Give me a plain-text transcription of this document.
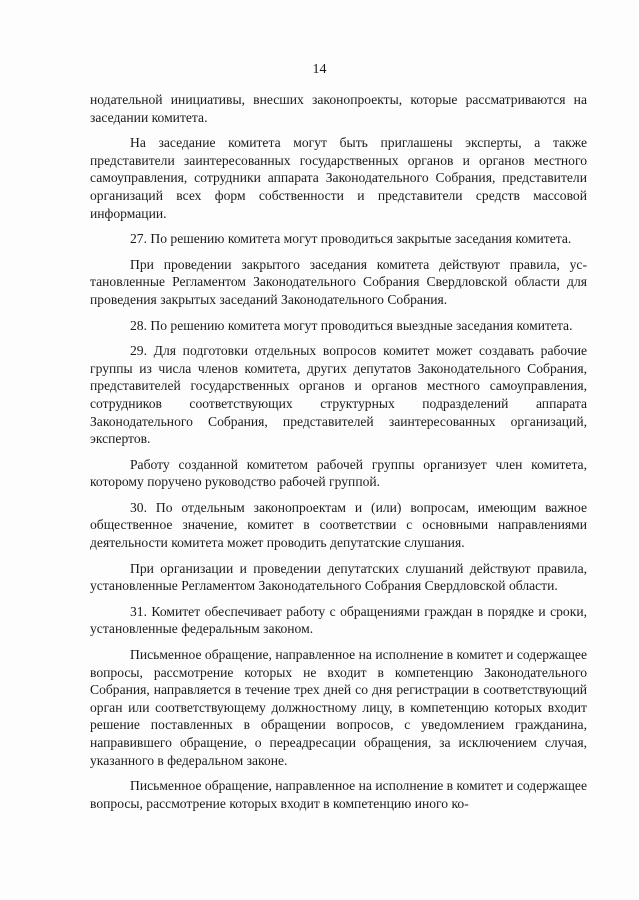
14

нодательной инициативы, внесших законопроекты, которые рассматриваются на заседании комитета.

На заседание комитета могут быть приглашены эксперты, а также представители заинтересованных государственных органов и органов местного самоуправления, сотрудники аппарата Законодательного Собрания, представители организаций всех форм собственности и представители средств массовой информации.

27. По решению комитета могут проводиться закрытые заседания комитета.

При проведении закрытого заседания комитета действуют правила, установленные Регламентом Законодательного Собрания Свердловской области для проведения закрытых заседаний Законодательного Собрания.

28. По решению комитета могут проводиться выездные заседания комитета.

29. Для подготовки отдельных вопросов комитет может создавать рабочие группы из числа членов комитета, других депутатов Законодательного Собрания, представителей государственных органов и органов местного самоуправления, сотрудников соответствующих структурных подразделений аппарата Законодательного Собрания, представителей заинтересованных организаций, экспертов.

Работу созданной комитетом рабочей группы организует член комитета, которому поручено руководство рабочей группой.

30. По отдельным законопроектам и (или) вопросам, имеющим важное общественное значение, комитет в соответствии с основными направлениями деятельности комитета может проводить депутатские слушания.

При организации и проведении депутатских слушаний действуют правила, установленные Регламентом Законодательного Собрания Свердловской области.

31. Комитет обеспечивает работу с обращениями граждан в порядке и сроки, установленные федеральным законом.

Письменное обращение, направленное на исполнение в комитет и содержащее вопросы, рассмотрение которых не входит в компетенцию Законодательного Собрания, направляется в течение трех дней со дня регистрации в соответствующий орган или соответствующему должностному лицу, в компетенцию которых входит решение поставленных в обращении вопросов, с уведомлением гражданина, направившего обращение, о переадресации обращения, за исключением случая, указанного в федеральном законе.

Письменное обращение, направленное на исполнение в комитет и содержащее вопросы, рассмотрение которых входит в компетенцию иного ко-
